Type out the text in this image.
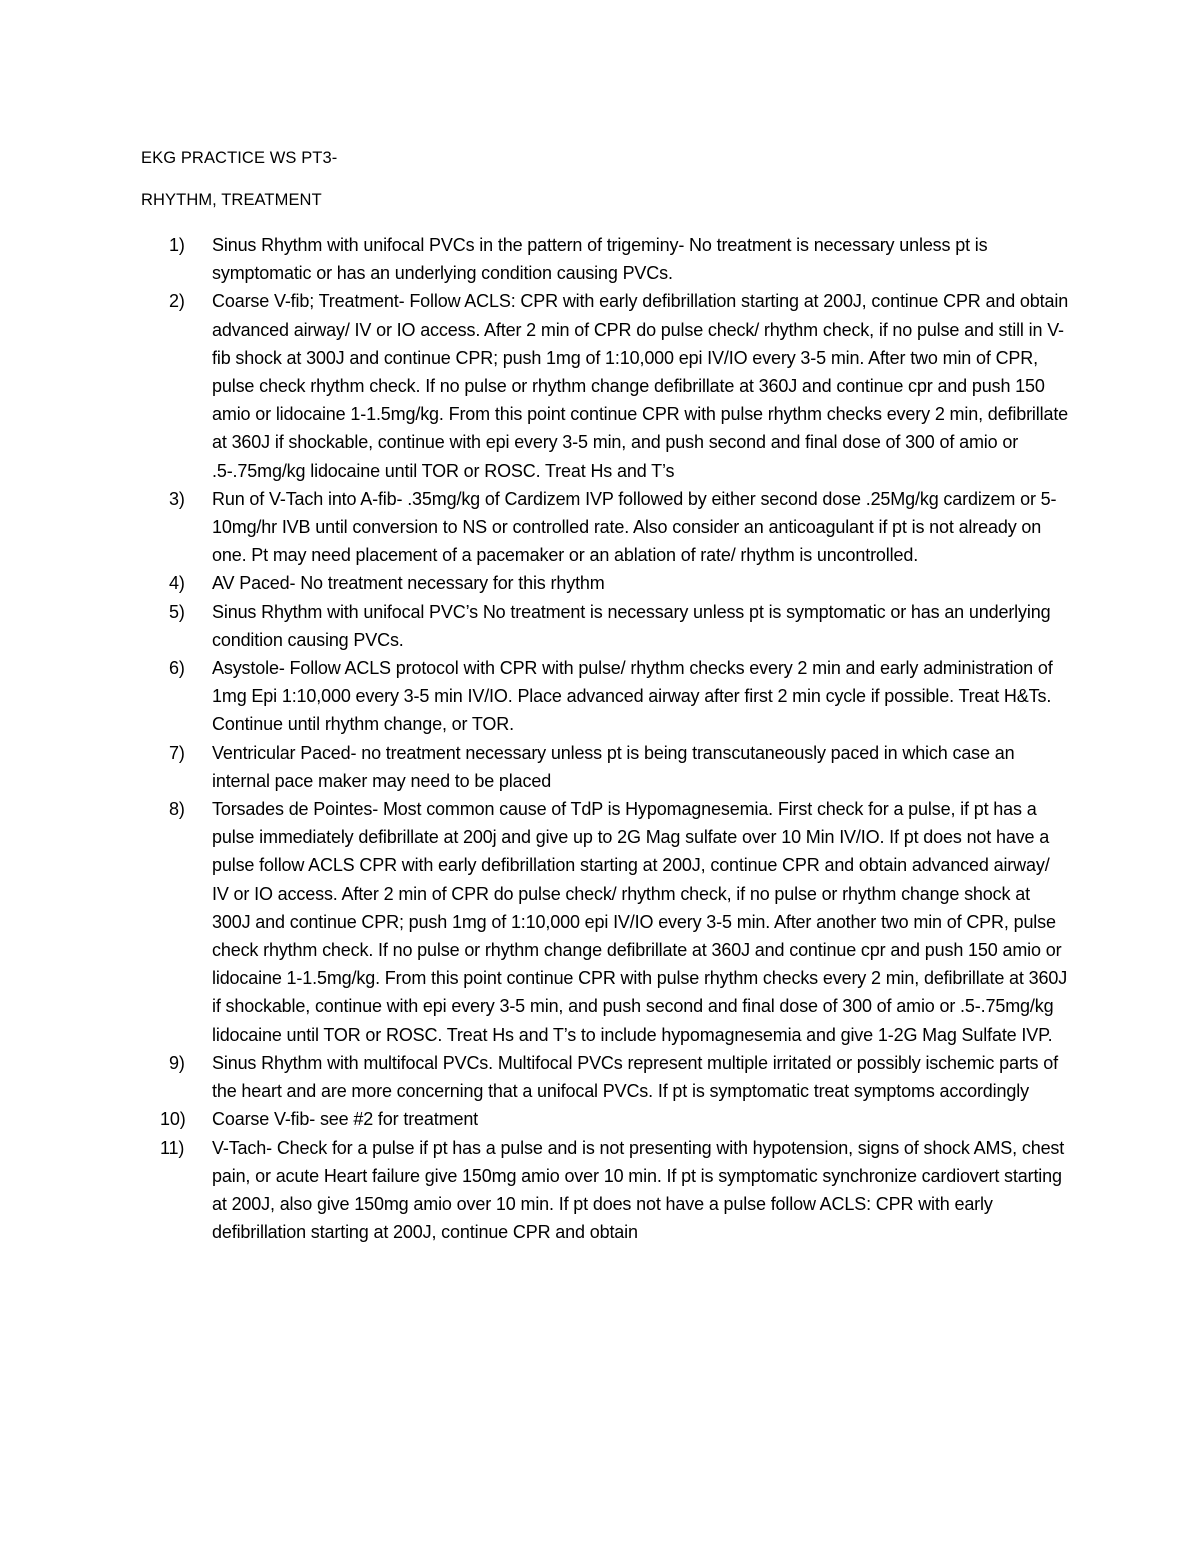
EKG PRACTICE WS PT3-
RHYTHM, TREATMENT
1) Sinus Rhythm with unifocal PVCs in the pattern of trigeminy- No treatment is necessary unless pt is symptomatic or has an underlying condition causing PVCs.
2) Coarse V-fib; Treatment- Follow ACLS: CPR with early defibrillation starting at 200J, continue CPR and obtain advanced airway/ IV or IO access. After 2 min of CPR do pulse check/ rhythm check, if no pulse and still in V-fib shock at 300J and continue CPR; push 1mg of 1:10,000 epi IV/IO every 3-5 min. After two min of CPR, pulse check rhythm check. If no pulse or rhythm change defibrillate at 360J and continue cpr and push 150 amio or lidocaine 1-1.5mg/kg. From this point continue CPR with pulse rhythm checks every 2 min, defibrillate at 360J if shockable, continue with epi every 3-5 min, and push second and final dose of 300 of amio or .5-.75mg/kg lidocaine until TOR or ROSC. Treat Hs and T’s
3) Run of V-Tach into A-fib- .35mg/kg of Cardizem IVP followed by either second dose .25Mg/kg cardizem or 5-10mg/hr IVB until conversion to NS or controlled rate. Also consider an anticoagulant if pt is not already on one. Pt may need placement of a pacemaker or an ablation of rate/ rhythm is uncontrolled.
4) AV Paced- No treatment necessary for this rhythm
5) Sinus Rhythm with unifocal PVC’s No treatment is necessary unless pt is symptomatic or has an underlying condition causing PVCs.
6) Asystole- Follow ACLS protocol with CPR with pulse/ rhythm checks every 2 min and early administration of 1mg Epi 1:10,000 every 3-5 min IV/IO. Place advanced airway after first 2 min cycle if possible. Treat H&Ts. Continue until rhythm change, or TOR.
7) Ventricular Paced- no treatment necessary unless pt is being transcutaneously paced in which case an internal pace maker may need to be placed
8) Torsades de Pointes- Most common cause of TdP is Hypomagnesemia. First check for a pulse, if pt has a pulse immediately defibrillate at 200j and give up to 2G Mag sulfate over 10 Min IV/IO. If pt does not have a pulse follow ACLS CPR with early defibrillation starting at 200J, continue CPR and obtain advanced airway/ IV or IO access. After 2 min of CPR do pulse check/ rhythm check, if no pulse or rhythm change shock at 300J and continue CPR; push 1mg of 1:10,000 epi IV/IO every 3-5 min. After another two min of CPR, pulse check rhythm check. If no pulse or rhythm change defibrillate at 360J and continue cpr and push 150 amio or lidocaine 1-1.5mg/kg. From this point continue CPR with pulse rhythm checks every 2 min, defibrillate at 360J if shockable, continue with epi every 3-5 min, and push second and final dose of 300 of amio or .5-.75mg/kg lidocaine until TOR or ROSC. Treat Hs and T’s to include hypomagnesemia and give 1-2G Mag Sulfate IVP.
9) Sinus Rhythm with multifocal PVCs. Multifocal PVCs represent multiple irritated or possibly ischemic parts of the heart and are more concerning that a unifocal PVCs. If pt is symptomatic treat symptoms accordingly
10) Coarse V-fib- see #2 for treatment
11) V-Tach- Check for a pulse if pt has a pulse and is not presenting with hypotension, signs of shock AMS, chest pain, or acute Heart failure give 150mg amio over 10 min. If pt is symptomatic synchronize cardiovert starting at 200J, also give 150mg amio over 10 min. If pt does not have a pulse follow ACLS: CPR with early defibrillation starting at 200J, continue CPR and obtain
